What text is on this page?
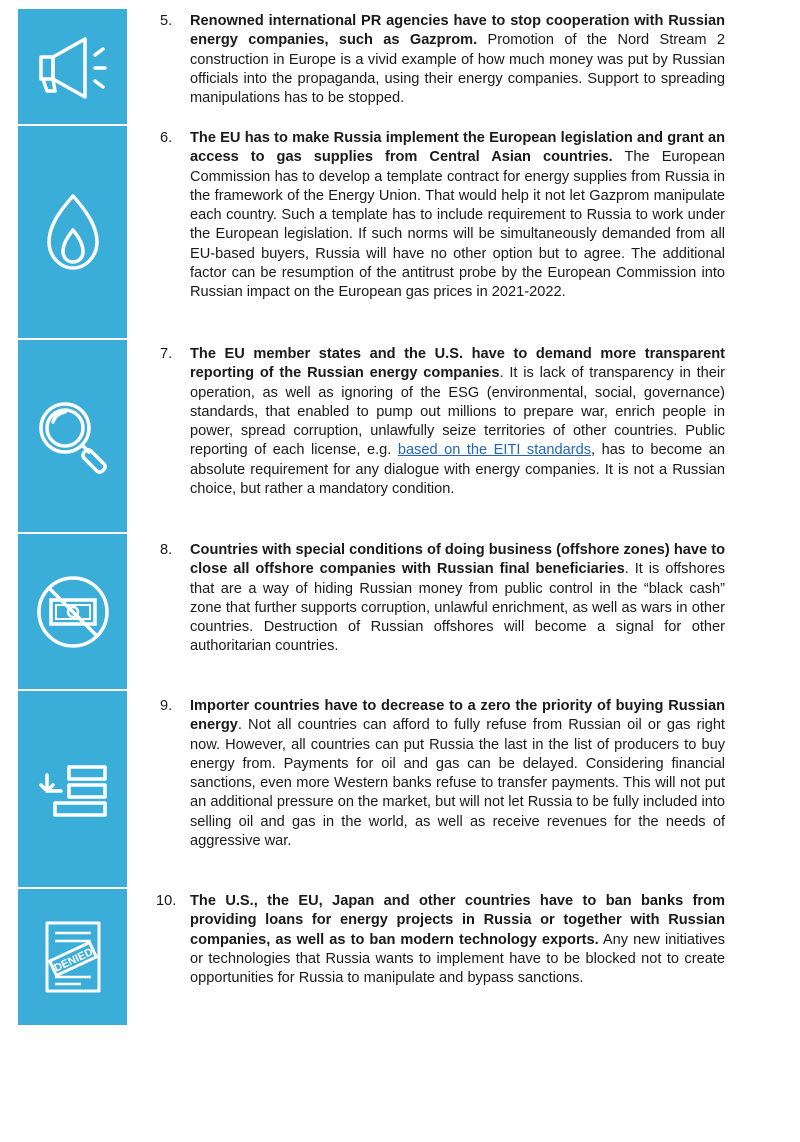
DENIED
5. Renowned international PR agencies have to stop cooperation with Russian energy companies, such as Gazprom. Promotion of the Nord Stream 2 construction in Europe is a vivid example of how much money was put by Russian officials into the propaganda, using their energy companies. Support to spreading manipulations has to be stopped.
6. The EU has to make Russia implement the European legislation and grant an access to gas supplies from Central Asian countries. The European Commission has to develop a template contract for energy supplies from Russia in the framework of the Energy Union. That would help it not let Gazprom manipulate each country. Such a template has to include requirement to Russia to work under the European legislation. If such norms will be simultaneously demanded from all EU-based buyers, Russia will have no other option but to agree. The additional factor can be resumption of the antitrust probe by the European Commission into Russian impact on the European gas prices in 2021-2022.
7. The EU member states and the U.S. have to demand more transparent reporting of the Russian energy companies. It is lack of transparency in their operation, as well as ignoring of the ESG (environmental, social, governance) standards, that enabled to pump out millions to prepare war, enrich people in power, spread corruption, unlawfully seize territories of other countries. Public reporting of each license, e.g. based on the EITI standards, has to become an absolute requirement for any dialogue with energy companies. It is not a Russian choice, but rather a mandatory condition.
8. Countries with special conditions of doing business (offshore zones) have to close all offshore companies with Russian final beneficiaries. It is offshores that are a way of hiding Russian money from public control in the “black cash” zone that further supports corruption, unlawful enrichment, as well as wars in other countries. Destruction of Russian offshores will become a signal for other authoritarian countries.
9. Importer countries have to decrease to a zero the priority of buying Russian energy. Not all countries can afford to fully refuse from Russian oil or gas right now. However, all countries can put Russia the last in the list of producers to buy energy from. Payments for oil and gas can be delayed. Considering financial sanctions, even more Western banks refuse to transfer payments. This will not put an additional pressure on the market, but will not let Russia to be fully included into selling oil and gas in the world, as well as receive revenues for the needs of aggressive war.
10. The U.S., the EU, Japan and other countries have to ban banks from providing loans for energy projects in Russia or together with Russian companies, as well as to ban modern technology exports. Any new initiatives or technologies that Russia wants to implement have to be blocked not to create opportunities for Russia to manipulate and bypass sanctions.
